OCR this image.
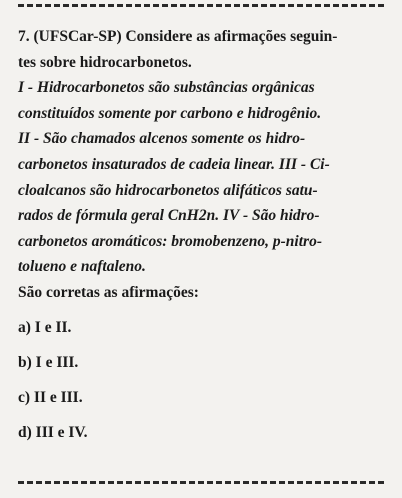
7. (UFSCar-SP) Considere as afirmações seguin-
tes sobre hidrocarbonetos.
I - Hidrocarbonetos são substâncias orgânicas
constituídos somente por carbono e hidrogênio.
II - São chamados alcenos somente os hidro-
carbonetos insaturados de cadeia linear. III - Ci-
cloalcanos são hidrocarbonetos alifáticos satu-
rados de fórmula geral CnH2n. IV - São hidro-
carbonetos aromáticos: bromobenzeno, p-nitro-
tolueno e naftaleno.
São corretas as afirmações:
a) I e II.
b) I e III.
c) II e III.
d) III e IV.
